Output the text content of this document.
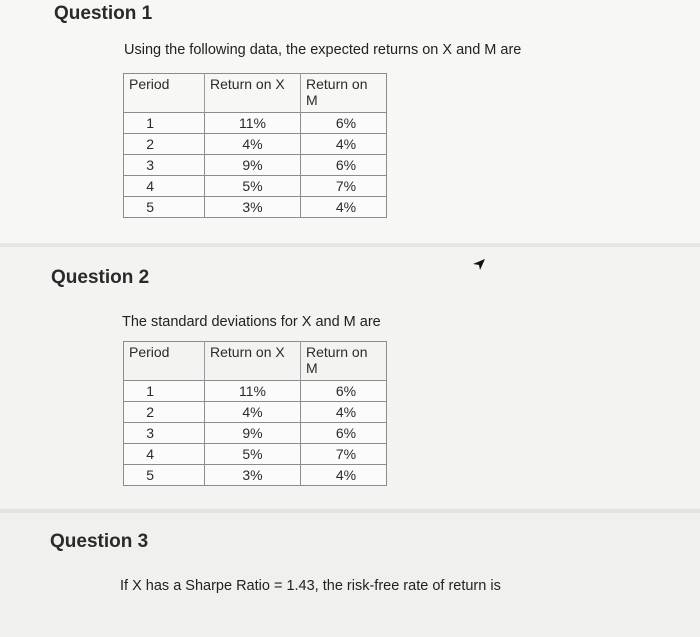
Question 1
Using the following data, the expected returns on X and M are
Period	Return on X	Return on M
1	11%	6%
2	4%	4%
3	9%	6%
4	5%	7%
5	3%	4%
Question 2
The standard deviations for X and M are
Period	Return on X	Return on M
1	11%	6%
2	4%	4%
3	9%	6%
4	5%	7%
5	3%	4%
Question 3
If X has a Sharpe Ratio = 1.43, the risk-free rate of return is
